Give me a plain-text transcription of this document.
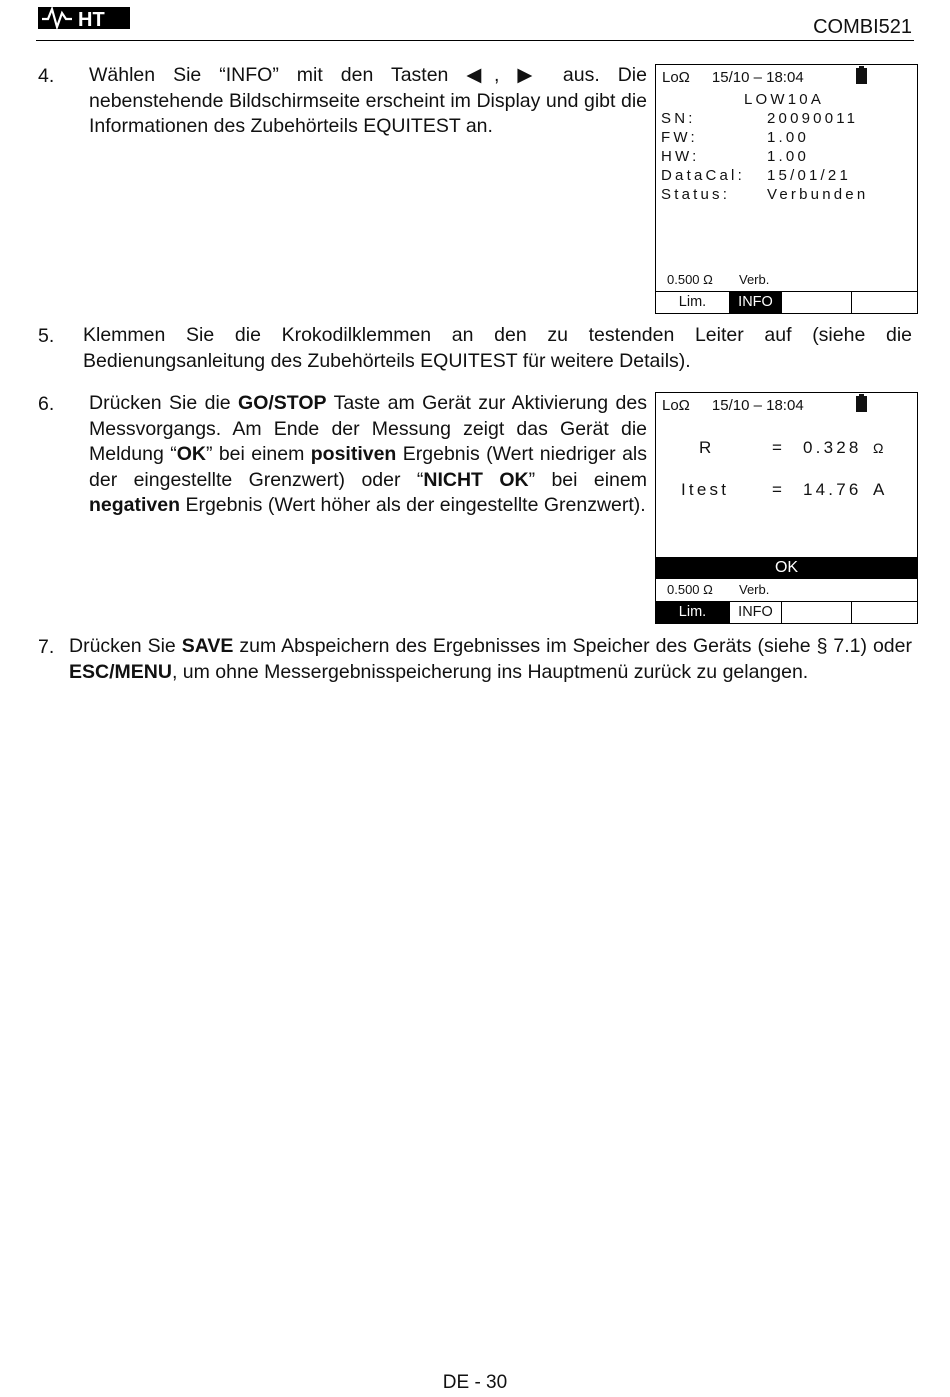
HT	COMBI521
4. Wählen Sie “INFO” mit den Tasten ◀, ▶ aus. Die nebenstehende Bildschirmseite erscheint im Display und gibt die Informationen des Zubehörteils EQUITEST an.
LoΩ 15/10 – 18:04
LOW10A
SN:	20090011
FW:	1.00
HW:	1.00
DataCal: 15/01/21
Status: Verbunden
0.500 Ω Verb.
Lim.	INFO
5. Klemmen Sie die Krokodilklemmen an den zu testenden Leiter auf (siehe die Bedienungsanleitung des Zubehörteils EQUITEST für weitere Details).
6. Drücken Sie die GO/STOP Taste am Gerät zur Aktivierung des Messvorgangs. Am Ende der Messung zeigt das Gerät die Meldung “OK” bei einem positiven Ergebnis (Wert niedriger als der eingestellte Grenzwert) oder “NICHT OK” bei einem negativen Ergebnis (Wert höher als der eingestellte Grenzwert).
LoΩ 15/10 – 18:04
R	= 0.328 Ω
Itest	= 14.76 A
OK
0.500 Ω Verb.
Lim.	INFO
7. Drücken Sie SAVE zum Abspeichern des Ergebnisses im Speicher des Geräts (siehe § 7.1) oder ESC/MENU, um ohne Messergebnisspeicherung ins Hauptmenü zurück zu gelangen.
DE - 30
